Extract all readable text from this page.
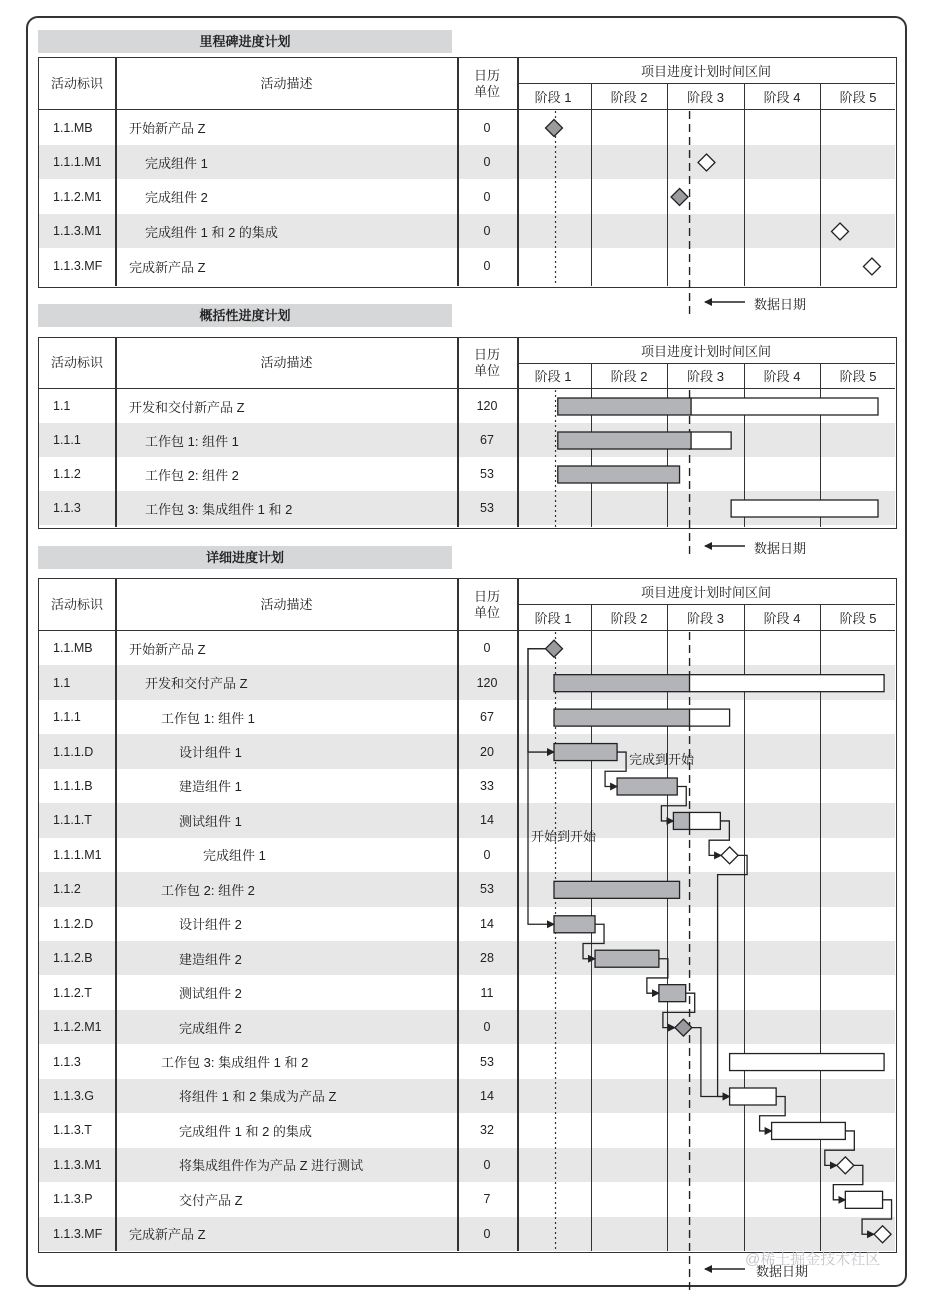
里程碑进度计划
活动标识	活动描述
日历
单位
项目进度计划时间区间
阶段 1	阶段 2	阶段 3	阶段 4	阶段 5
1.1.MB	开始新产品 Z	0
1.1.1.M1	完成组件 1	0
1.1.2.M1	完成组件 2	0
1.1.3.M1	完成组件 1 和 2 的集成	0
1.1.3.MF 完成新产品 Z	0
数据日期
概括性进度计划
活动标识	活动描述
日历
单位
项目进度计划时间区间
阶段 1	阶段 2	阶段 3	阶段 4	阶段 5
1.1	开发和交付新产品 Z	120
1.1.1	工作包 1: 组件 1	67
1.1.2	工作包 2: 组件 2	53
1.1.3	工作包 3: 集成组件 1 和 2	53
数据日期
详细进度计划
活动标识	活动描述
日历
单位
项目进度计划时间区间
阶段 1	阶段 2	阶段 3	阶段 4	阶段 5
1.1.MB	开始新产品 Z	0
1.1	开发和交付产品 Z	120
1.1.1	工作包 1: 组件 1	67
1.1.1.D	设计组件 1	20
1.1.1.B	建造组件 1	33
1.1.1.T	测试组件 1	14
1.1.1.M1	完成组件 1	0
1.1.2	工作包 2: 组件 2	53
1.1.2.D	设计组件 2	14
1.1.2.B	建造组件 2	28
1.1.2.T	测试组件 2	11
1.1.2.M1	完成组件 2	0
1.1.3	工作包 3: 集成组件 1 和 2	53
1.1.3.G	将组件 1 和 2 集成为产品 Z	14
1.1.3.T	完成组件 1 和 2 的集成	32
1.1.3.M1	将集成组件作为产品 Z 进行测试	0
1.1.3.P	交付产品 Z	7
1.1.3.MF 完成新产品 Z	0
数据日期
@稀土掘金技术社区
完成到开始
开始到开始
